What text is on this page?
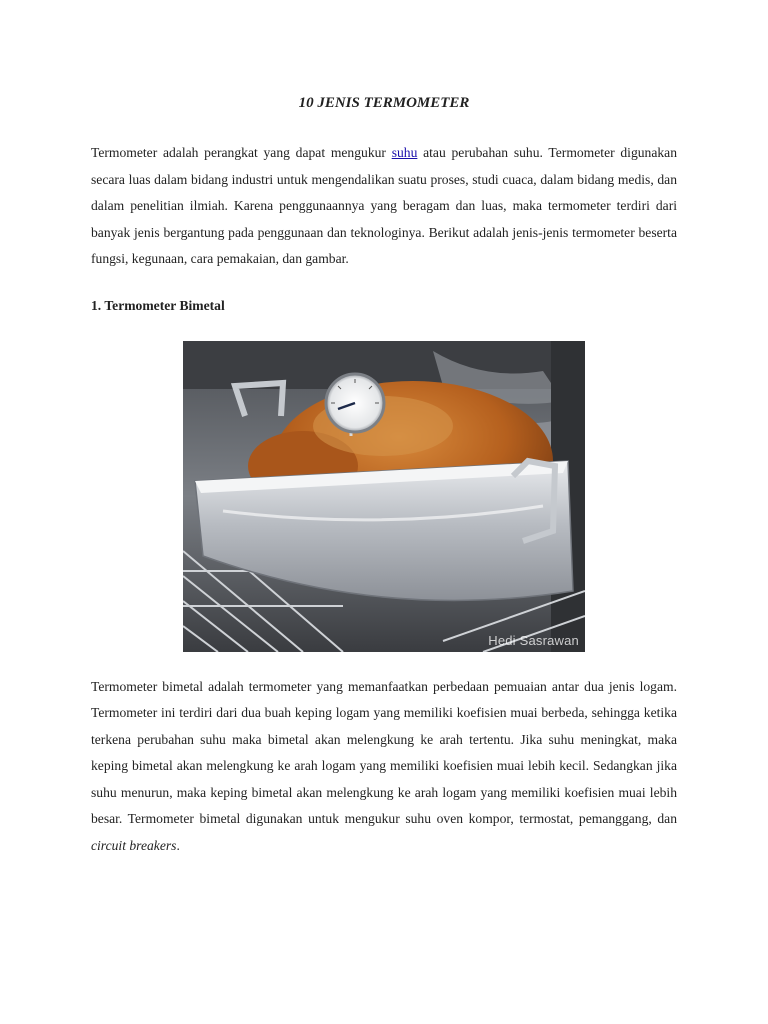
10 JENIS TERMOMETER

Termometer adalah perangkat yang dapat mengukur suhu atau perubahan suhu. Termometer digunakan secara luas dalam bidang industri untuk mengendalikan suatu proses, studi cuaca, dalam bidang medis, dan dalam penelitian ilmiah. Karena penggunaannya yang beragam dan luas, maka termometer terdiri dari banyak jenis bergantung pada penggunaan dan teknologinya. Berikut adalah jenis-jenis termometer beserta fungsi, kegunaan, cara pemakaian, dan gambar.

1. Termometer Bimetal
Hedi Sasrawan

Termometer bimetal adalah termometer yang memanfaatkan perbedaan pemuaian antar dua jenis logam. Termometer ini terdiri dari dua buah keping logam yang memiliki koefisien muai berbeda, sehingga ketika terkena perubahan suhu maka bimetal akan melengkung ke arah tertentu. Jika suhu meningkat, maka keping bimetal akan melengkung ke arah logam yang memiliki koefisien muai lebih kecil. Sedangkan jika suhu menurun, maka keping bimetal akan melengkung ke arah logam yang memiliki koefisien muai lebih besar. Termometer bimetal digunakan untuk mengukur suhu oven kompor, termostat, pemanggang, dan circuit breakers.
